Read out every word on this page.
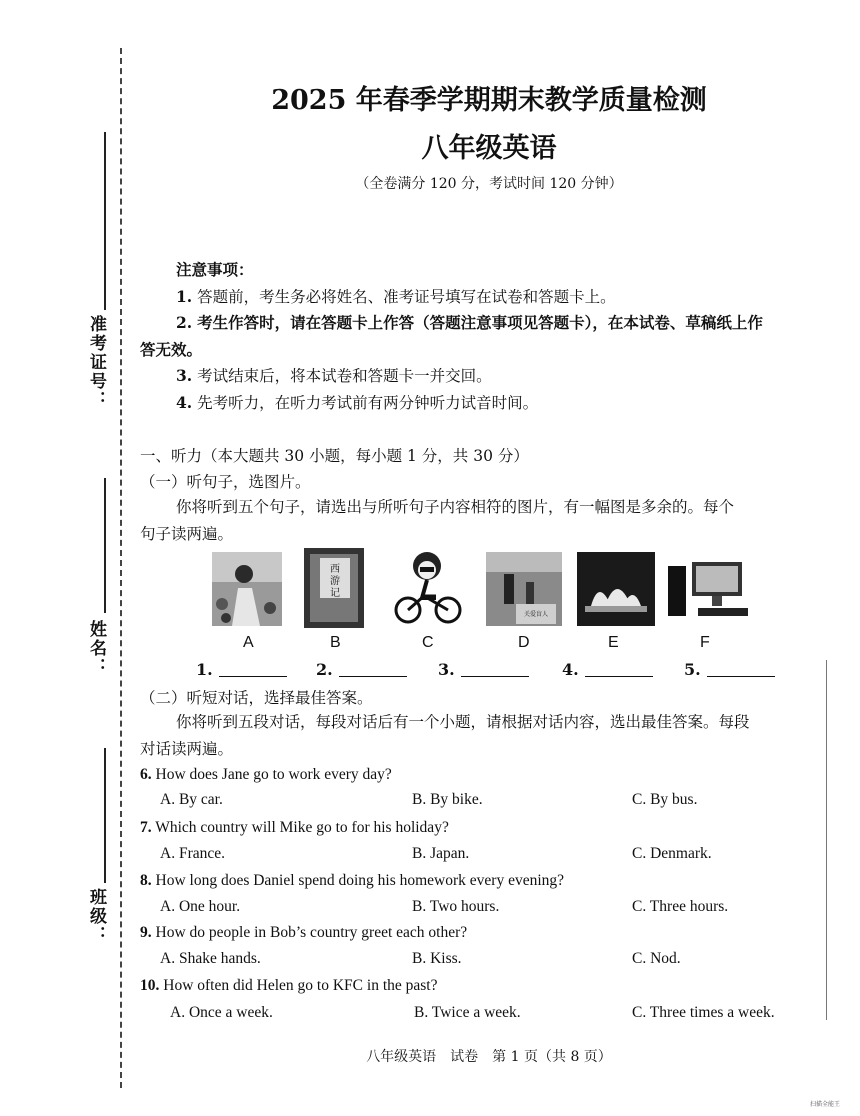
准考证号：
姓名：
班级：
2025 年春季学期期末教学质量检测
八年级英语
（全卷满分 120 分，考试时间 120 分钟）
注意事项：
1. 答题前，考生务必将姓名、准考证号填写在试卷和答题卡上。
2. 考生作答时，请在答题卡上作答（答题注意事项见答题卡），在本试卷、草稿纸上作
答无效。
3. 考试结束后，将本试卷和答题卡一并交回。
4. 先考听力，在听力考试前有两分钟听力试音时间。
一、听力（本大题共 30 小题，每小题 1 分，共 30 分）
（一）听句子，选图片。
你将听到五个句子，请选出与所听句子内容相符的图片，有一幅图是多余的。每个
句子读两遍。
西
游
记
关爱盲人
A	B	C	D	E	F
1.	2.	3.	4.	5.
（二）听短对话，选择最佳答案。
你将听到五段对话，每段对话后有一个小题，请根据对话内容，选出最佳答案。每段
对话读两遍。
6. How does Jane go to work every day?
A. By car.	B. By bike.	C. By bus.
7. Which country will Mike go to for his holiday?
A. France.	B. Japan.	C. Denmark.
8. How long does Daniel spend doing his homework every evening?
A. One hour.	B. Two hours.	C. Three hours.
9. How do people in Bob’s country greet each other?
A. Shake hands.	B. Kiss.	C. Nod.
10. How often did Helen go to KFC in the past?
A. Once a week.	B. Twice a week.	C. Three times a week.
八年级英语　试卷　第 1 页（共 8 页）
扫描全能王
